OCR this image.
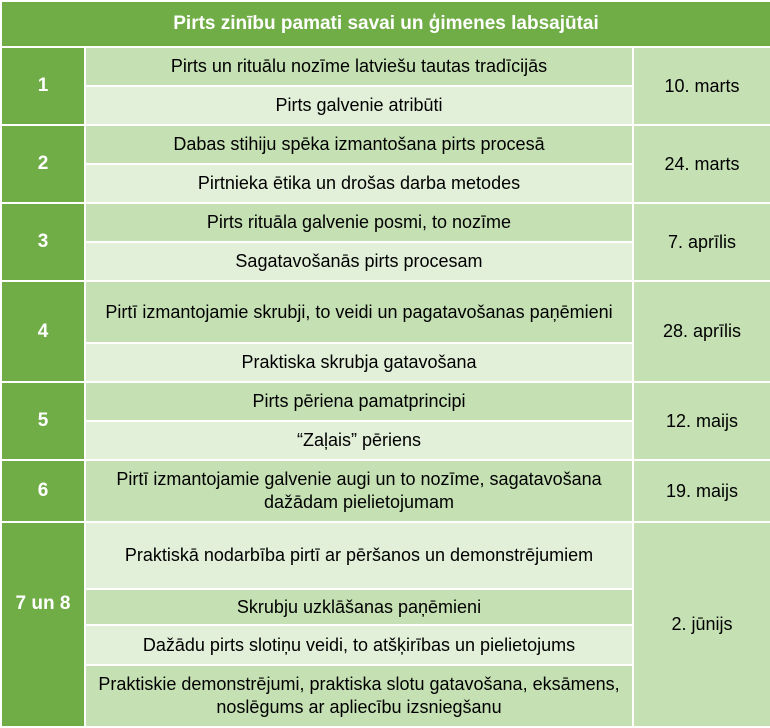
Pirts zinību pamati savai un ģimenes labsajūtai		
1	Pirts un rituālu nozīme latviešu tautas tradīcijās	10. marts
	Pirts galvenie atribūti	
2	Dabas stihiju spēka izmantošana pirts procesā	24. marts
	Pirtnieka ētika un drošas darba metodes	
3	Pirts rituāla galvenie posmi, to nozīme	7. aprīlis
	Sagatavošanās pirts procesam	
4	Pirtī izmantojamie skrubji, to veidi un pagatavošanas paņēmieni	28. aprīlis
	Praktiska skrubja gatavošana	
5	Pirts pēriena pamatprincipi	12. maijs
	“Zaļais” pēriens	
6	Pirtī izmantojamie galvenie augi un to nozīme, sagatavošana dažādam pielietojumam	19. maijs
7 un 8	Praktiskā nodarbība pirtī ar pēršanos un demonstrējumiem	2. jūnijs
	Skrubju uzklāšanas paņēmieni	
	Dažādu pirts slotiņu veidi, to atšķirības un pielietojums	
	Praktiskie demonstrējumi, praktiska slotu gatavošana, eksāmens, noslēgums ar apliecību izsniegšanu	
